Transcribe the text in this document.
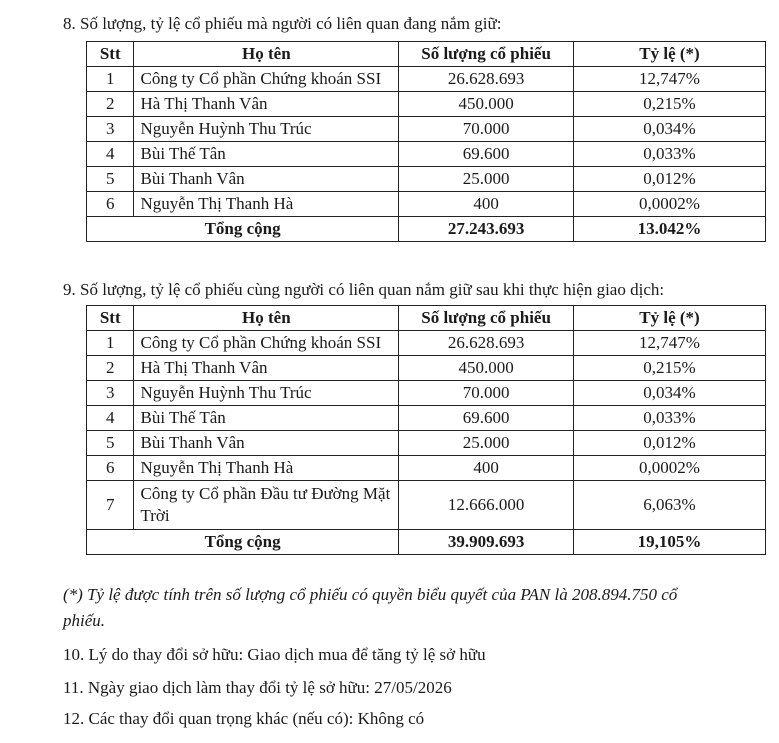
8. Số lượng, tỷ lệ cổ phiếu mà người có liên quan đang nắm giữ:
Stt	Họ tên	Số lượng cổ phiếu	Tỷ lệ (*)
1	Công ty Cổ phần Chứng khoán SSI	26.628.693	12,747%
2	Hà Thị Thanh Vân	450.000	0,215%
3	Nguyễn Huỳnh Thu Trúc	70.000	0,034%
4	Bùi Thế Tân	69.600	0,033%
5	Bùi Thanh Vân	25.000	0,012%
6	Nguyễn Thị Thanh Hà	400	0,0002%
Tổng cộng		27.243.693	13.042%
9. Số lượng, tỷ lệ cổ phiếu cùng người có liên quan nắm giữ sau khi thực hiện giao dịch:
Stt	Họ tên	Số lượng cổ phiếu	Tỷ lệ (*)
1	Công ty Cổ phần Chứng khoán SSI	26.628.693	12,747%
2	Hà Thị Thanh Vân	450.000	0,215%
3	Nguyễn Huỳnh Thu Trúc	70.000	0,034%
4	Bùi Thế Tân	69.600	0,033%
5	Bùi Thanh Vân	25.000	0,012%
6	Nguyễn Thị Thanh Hà	400	0,0002%
7	Công ty Cổ phần Đầu tư Đường Mặt Trời	12.666.000	6,063%
Tổng cộng		39.909.693	19,105%
(*) Tỷ lệ được tính trên số lượng cổ phiếu có quyền biểu quyết của PAN là 208.894.750 cổ
phiếu.
10. Lý do thay đổi sở hữu: Giao dịch mua để tăng tỷ lệ sở hữu
11. Ngày giao dịch làm thay đổi tỷ lệ sở hữu: 27/05/2026
12. Các thay đổi quan trọng khác (nếu có): Không có
